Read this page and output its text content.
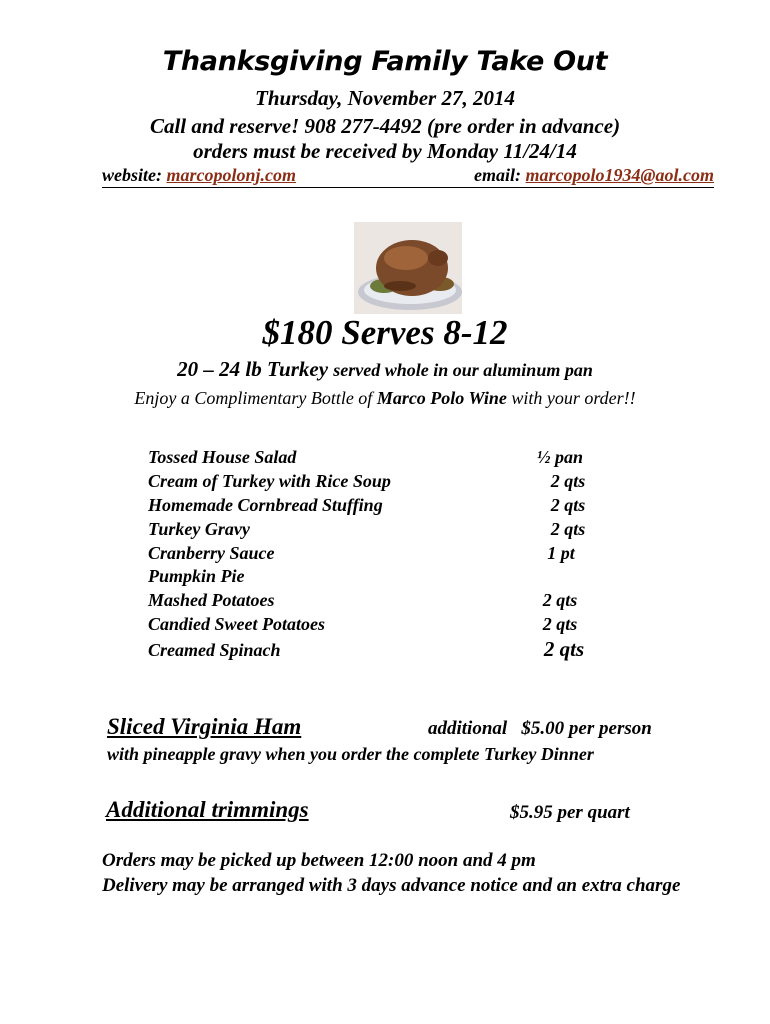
Thanksgiving Family Take Out
Thursday, November 27, 2014
Call and reserve! 908 277-4492 (pre order in advance)
orders must be received by Monday 11/24/14
website: marcopolonj.com	email: marcopolo1934@aol.com
$180 Serves 8-12
20 – 24 lb Turkey served whole in our aluminum pan
Enjoy a Complimentary Bottle of Marco Polo Wine with your order!!
Tossed House Salad	½ pan
Cream of Turkey with Rice Soup	2 qts
Homemade Cornbread Stuffing	2 qts
Turkey Gravy	2 qts
Cranberry Sauce	1 pt
Pumpkin Pie
Mashed Potatoes	2 qts
Candied Sweet Potatoes	2 qts
Creamed Spinach	2 qts
Sliced Virginia Ham	additional   $5.00 per person
with pineapple gravy when you order the complete Turkey Dinner
Additional trimmings	$5.95 per quart
Orders may be picked up between 12:00 noon and 4 pm
Delivery may be arranged with 3 days advance notice and an extra charge
